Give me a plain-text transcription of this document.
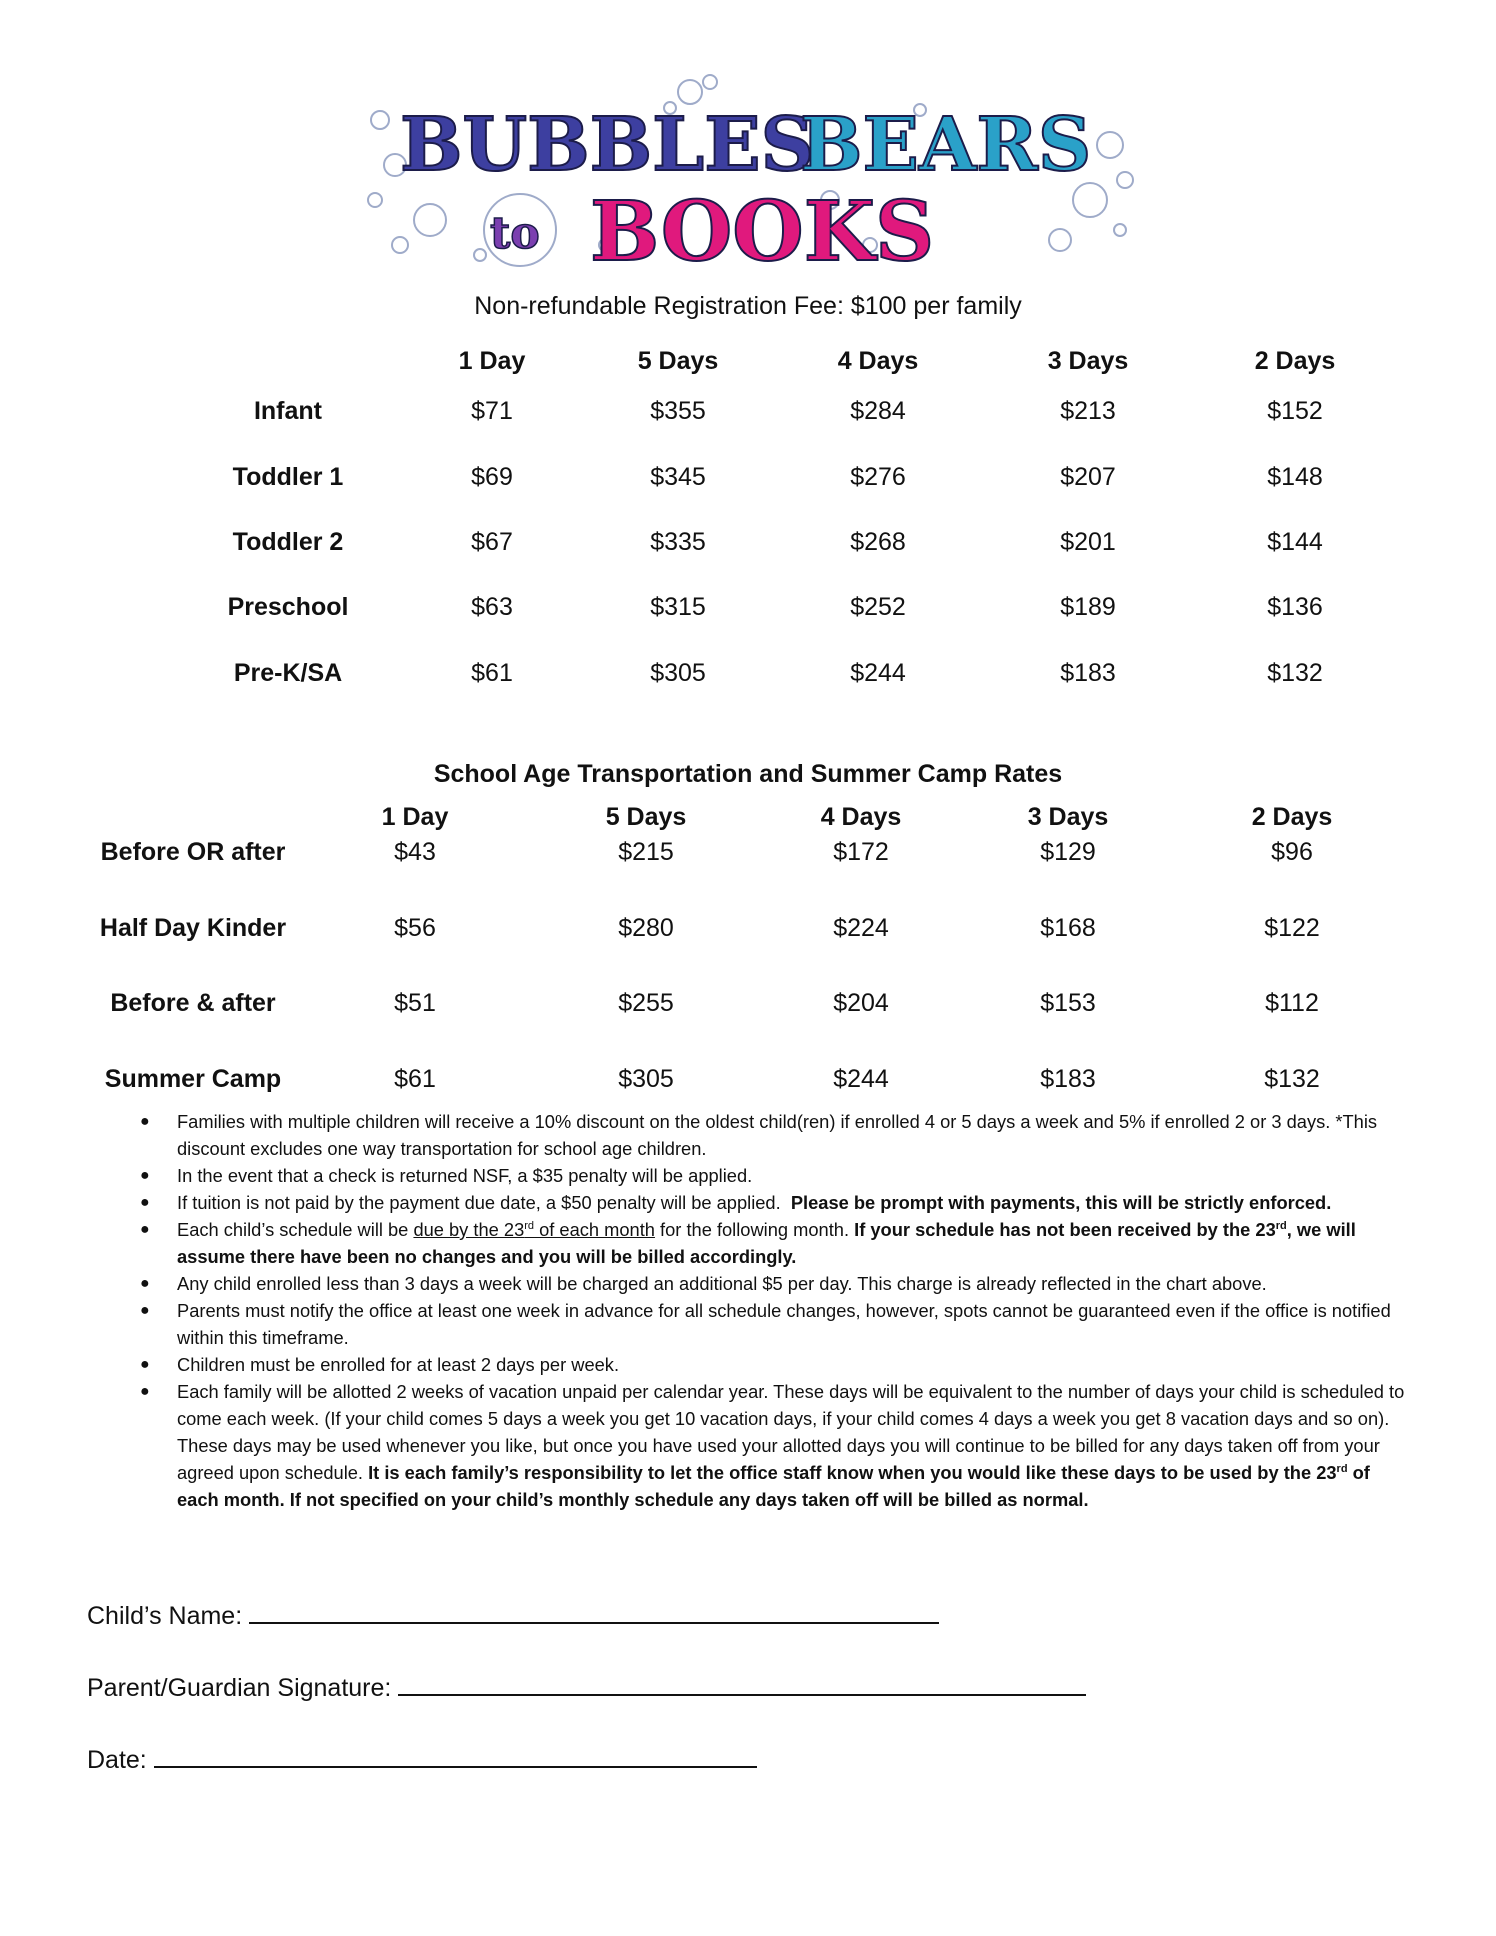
BUBBLES
BEARS
to BOOKS
Non-refundable Registration Fee: $100 per family
1 Day	5 Days	4 Days	3 Days	2 Days
Infant	$71	$355	$284	$213	$152
Toddler 1	$69	$345	$276	$207	$148
Toddler 2	$67	$335	$268	$201	$144
Preschool	$63	$315	$252	$189	$136
Pre-K/SA	$61	$305	$244	$183	$132
School Age Transportation and Summer Camp Rates
1 Day	5 Days	4 Days	3 Days	2 Days
Before OR after	$43	$215	$172	$129	$96
Half Day Kinder	$56	$280	$224	$168	$122
Before & after	$51	$255	$204	$153	$112
Summer Camp	$61	$305	$244	$183	$132
● Families with multiple children will receive a 10% discount on the oldest child(ren) if enrolled 4 or 5 days a week and 5% if enrolled 2 or 3 days. *This discount excludes one way transportation for school age children.
● In the event that a check is returned NSF, a $35 penalty will be applied.
● If tuition is not paid by the payment due date, a $50 penalty will be applied. Please be prompt with payments, this will be strictly enforced.
● Each child’s schedule will be due by the 23rd of each month for the following month. If your schedule has not been received by the 23rd, we will assume there have been no changes and you will be billed accordingly.
● Any child enrolled less than 3 days a week will be charged an additional $5 per day. This charge is already reflected in the chart above.
● Parents must notify the office at least one week in advance for all schedule changes, however, spots cannot be guaranteed even if the office is notified within this timeframe.
● Children must be enrolled for at least 2 days per week.
● Each family will be allotted 2 weeks of vacation unpaid per calendar year. These days will be equivalent to the number of days your child is scheduled to come each week. (If your child comes 5 days a week you get 10 vacation days, if your child comes 4 days a week you get 8 vacation days and so on). These days may be used whenever you like, but once you have used your allotted days you will continue to be billed for any days taken off from your agreed upon schedule. It is each family’s responsibility to let the office staff know when you would like these days to be used by the 23rd of each month. If not specified on your child’s monthly schedule any days taken off will be billed as normal.
Child’s Name:
Parent/Guardian Signature:
Date:
